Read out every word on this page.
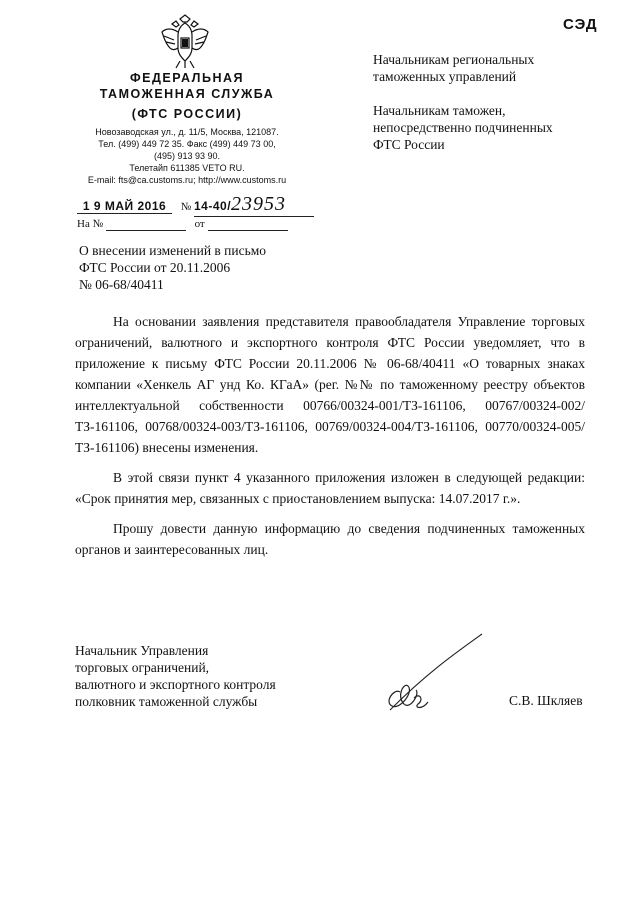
СЭД
ФЕДЕРАЛЬНАЯ
ТАМОЖЕННАЯ СЛУЖБА
(ФТС РОССИИ)
Новозаводская ул., д. 11/5, Москва, 121087.
Тел. (499) 449 72 35. Факс (499) 449 73 00,
(495) 913 93 90.
Телетайп 611385 VETO RU.
E-mail: fts@ca.customs.ru; http://www.customs.ru
Начальникам региональных
таможенных управлений
Начальникам таможен,
непосредственно подчиненных
ФТС России
1 9 МАЙ 2016 № 14-40/23953
На №	от
О внесении изменений в письмо
ФТС России от 20.11.2006
№ 06-68/40411

На основании заявления представителя правообладателя Управление торговых ограничений, валютного и экспортного контроля ФТС России уведомляет, что в приложение к письму ФТС России 20.11.2006 № 06-68/40411 «О товарных знаках компании «Хенкель АГ унд Ко. КГаА» (рег. №№ по таможенному реестру объектов интеллектуальной собственности 00766/00324-001/ТЗ-161106, 00767/00324-002/ТЗ-161106, 00768/00324-003/ТЗ-161106, 00769/00324-004/ТЗ-161106, 00770/00324-005/ТЗ-161106) внесены изменения.

В этой связи пункт 4 указанного приложения изложен в следующей редакции: «Срок принятия мер, связанных с приостановлением выпуска: 14.07.2017 г.».

Прошу довести данную информацию до сведения подчиненных таможенных органов и заинтересованных лиц.

Начальник Управления
торговых ограничений,
валютного и экспортного контроля
полковник таможенной службы	С.В. Шкляев
